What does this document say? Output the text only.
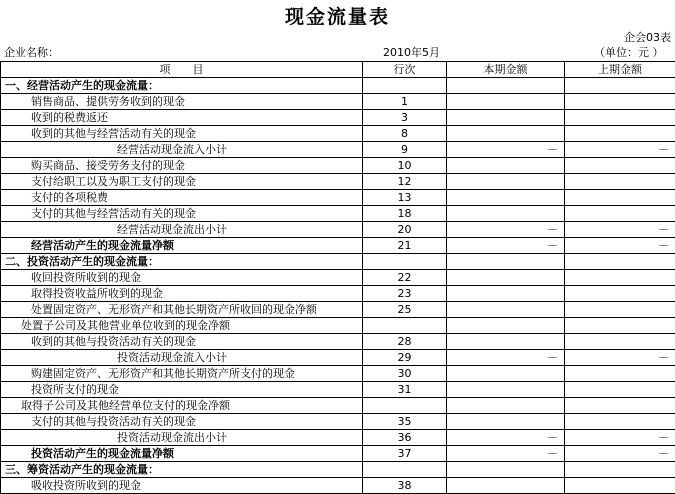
现金流量表
企会03表
企业名称：	2010年5月	（单位：元 ）
项　　目	行次	本期金额	上期金额
一、经营活动产生的现金流量：			
销售商品、提供劳务收到的现金	1		
收到的税费返还	3		
收到的其他与经营活动有关的现金	8		
经营活动现金流入小计	9	－	－
购买商品、接受劳务支付的现金	10		
支付给职工以及为职工支付的现金	12		
支付的各项税费	13		
支付的其他与经营活动有关的现金	18		
经营活动现金流出小计	20	－	－
经营活动产生的现金流量净额	21	－	－
二、投资活动产生的现金流量：			
收回投资所收到的现金	22		
取得投资收益所收到的现金	23		
处置固定资产、无形资产和其他长期资产所收回的现金净额	25		
处置子公司及其他营业单位收到的现金净额			
收到的其他与投资活动有关的现金	28		
投资活动现金流入小计	29	－	－
购建固定资产、无形资产和其他长期资产所支付的现金	30		
投资所支付的现金	31		
取得子公司及其他经营单位支付的现金净额			
支付的其他与投资活动有关的现金	35		
投资活动现金流出小计	36	－	－
投资活动产生的现金流量净额	37	－	－
三、筹资活动产生的现金流量：			
吸收投资所收到的现金	38		
